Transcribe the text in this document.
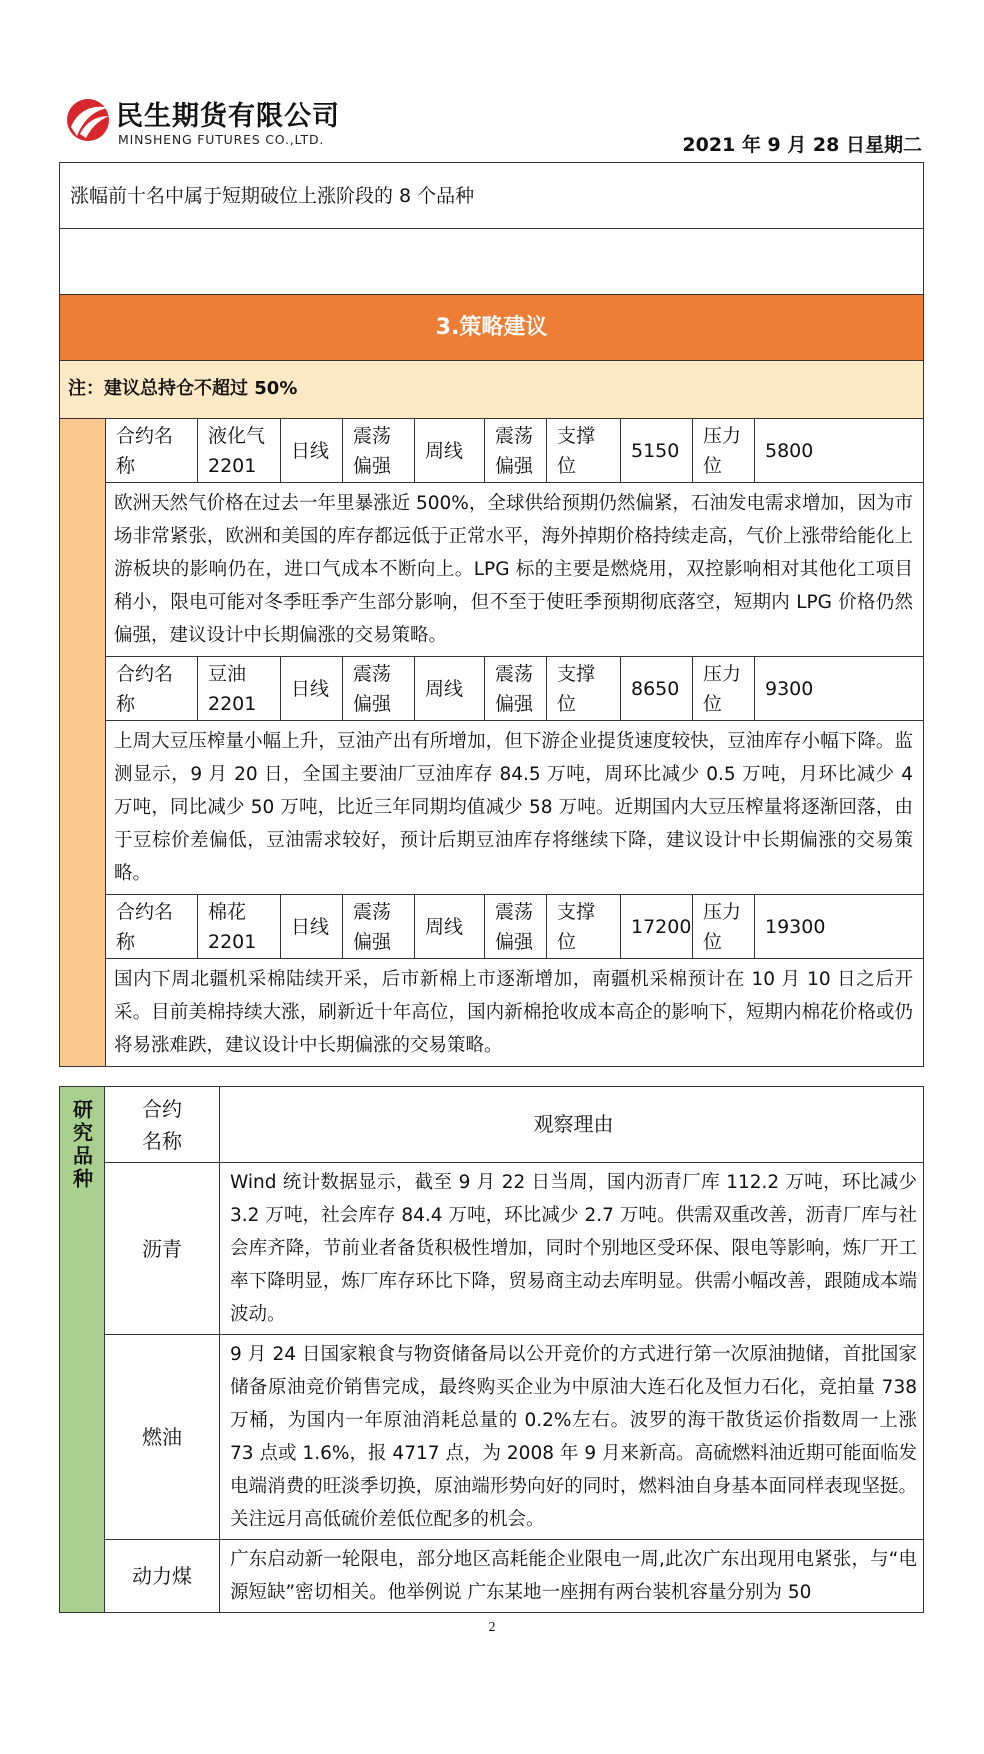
民生期货有限公司
MINSHENG FUTURES CO.,LTD.	2021 年 9 月 28 日星期二
涨幅前十名中属于短期破位上涨阶段的 8 个品种
3.策略建议
注：建议总持仓不超过 50%
合约名称
液化气 2201
日线
震荡偏强
周线
震荡偏强
支撑位
5150
压力位
5800
欧洲天然气价格在过去一年里暴涨近 500%，全球供给预期仍然偏紧，石油发电需求增加，因为市场非常紧张，欧洲和美国的库存都远低于正常水平，海外掉期价格持续走高，气价上涨带给能化上游板块的影响仍在，进口气成本不断向上。LPG 标的主要是燃烧用，双控影响相对其他化工项目稍小，限电可能对冬季旺季产生部分影响，但不至于使旺季预期彻底落空，短期内 LPG 价格仍然偏强，建议设计中长期偏涨的交易策略。
合约名称
豆油 2201
日线
震荡偏强
周线
震荡偏强
支撑位
8650
压力位
9300
上周大豆压榨量小幅上升，豆油产出有所增加，但下游企业提货速度较快，豆油库存小幅下降。监测显示，9 月 20 日，全国主要油厂豆油库存 84.5 万吨，周环比减少 0.5 万吨，月环比减少 4 万吨，同比减少 50 万吨，比近三年同期均值减少 58 万吨。近期国内大豆压榨量将逐渐回落，由于豆棕价差偏低，豆油需求较好，预计后期豆油库存将继续下降，建议设计中长期偏涨的交易策略。
合约名称
棉花 2201
日线
震荡偏强
周线
震荡偏强
支撑位
17200
压力位
19300
国内下周北疆机采棉陆续开采，后市新棉上市逐渐增加，南疆机采棉预计在 10 月 10 日之后开采。目前美棉持续大涨，刷新近十年高位，国内新棉抢收成本高企的影响下，短期内棉花价格或仍将易涨难跌，建议设计中长期偏涨的交易策略。
研究品种 合约名称
观察理由
沥青
Wind 统计数据显示，截至 9 月 22 日当周，国内沥青厂库 112.2 万吨，环比减少 3.2 万吨，社会库存 84.4 万吨，环比减少 2.7 万吨。供需双重改善，沥青厂库与社会库齐降，节前业者备货积极性增加，同时个别地区受环保、限电等影响，炼厂开工率下降明显，炼厂库存环比下降，贸易商主动去库明显。供需小幅改善，跟随成本端波动。
燃油
9 月 24 日国家粮食与物资储备局以公开竞价的方式进行第一次原油抛储，首批国家储备原油竞价销售完成，最终购买企业为中原油大连石化及恒力石化，竞拍量 738 万桶，为国内一年原油消耗总量的 0.2%左右。波罗的海干散货运价指数周一上涨 73 点或 1.6%，报 4717 点，为 2008 年 9 月来新高。高硫燃料油近期可能面临发电端消费的旺淡季切换，原油端形势向好的同时，燃料油自身基本面同样表现坚挺。关注远月高低硫价差低位配多的机会。
动力煤
广东启动新一轮限电，部分地区高耗能企业限电一周,此次广东出现用电紧张，与“电源短缺”密切相关。他举例说 广东某地一座拥有两台装机容量分别为 50
2
